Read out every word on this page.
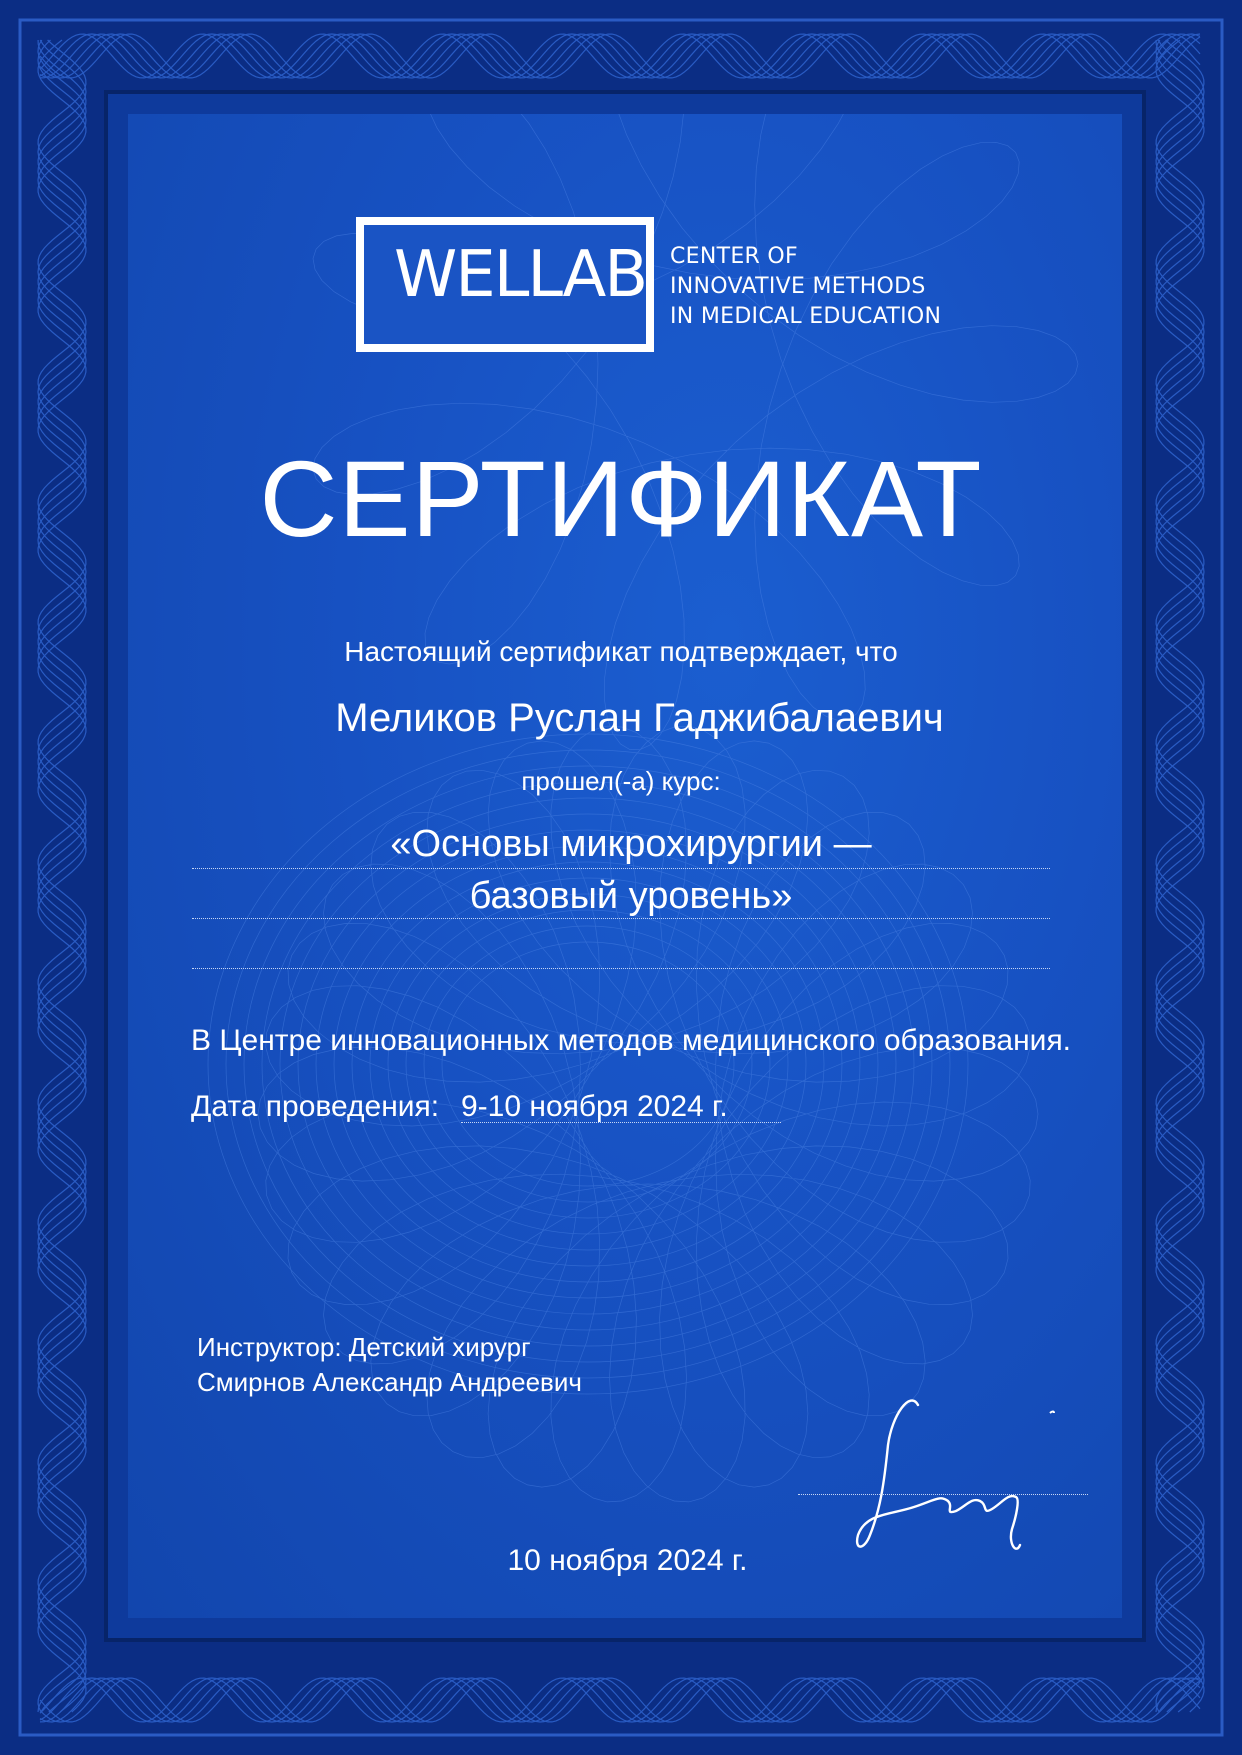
WELLAB CENTER OF
INNOVATIVE METHODS
IN MEDICAL EDUCATION
СЕРТИФИКАТ
Настоящий сертификат подтверждает, что
Меликов Руслан Гаджибалаевич
прошел(-а) курс:
«Основы микрохирургии —
базовый уровень»
В Центре инновационных методов медицинского образования.
Дата проведения: 9-10 ноября 2024 г.
Инструктор: Детский хирург
Смирнов Александр Андреевич
10 ноября 2024 г.
